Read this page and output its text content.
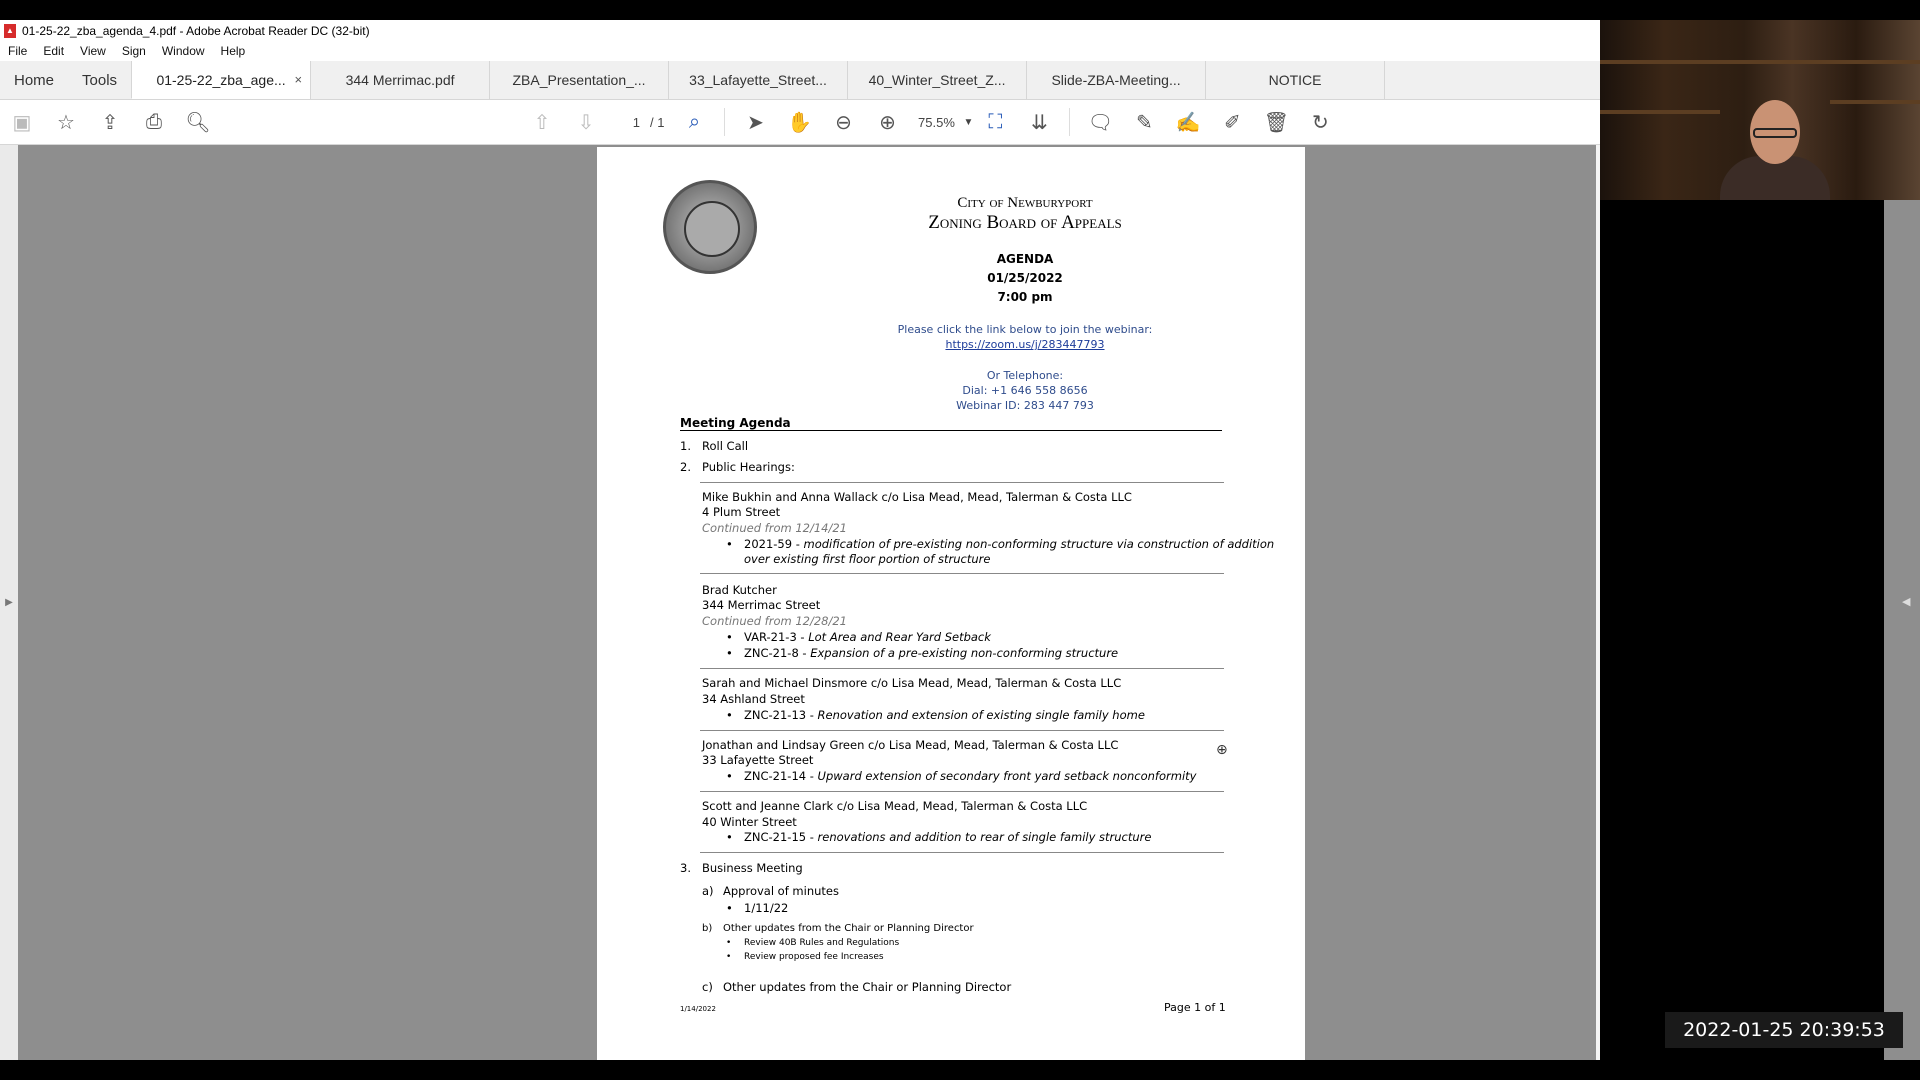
▲ 01-25-22_zba_agenda_4.pdf - Adobe Acrobat Reader DC (32-bit)
File	Edit	View	Sign	Window	Help
Home	Tools	01-25-22_zba_age... ×	344 Merrimac.pdf	ZBA_Presentation_...	33_Lafayette_Street...	40_Winter_Street_Z...	Slide-ZBA-Meeting...	NOTICE
▣ ☆ ⇪	⎙	🔍︎	⇧ ⇩
1	/ 1	⌕	➤ ✋ ⊖ ⊕	75.5% ▼ ⛶	⇊ 🗨︎ ✎ ✍ ✐ 🗑︎ ↻
▶
City of Newburyport
Zoning Board of Appeals
AGENDA
01/25/2022
7:00 pm
Please click the link below to join the webinar:
https://zoom.us/j/283447793
Or Telephone:
Dial: +1 646 558 8656
Webinar ID: 283 447 793
Meeting Agenda
1. Roll Call
2. Public Hearings:
Mike Bukhin and Anna Wallack c/o Lisa Mead, Mead, Talerman & Costa LLC
4 Plum Street
Continued from 12/14/21
• 2021-59 - modification of pre-existing non-conforming structure via construction of addition
over existing first floor portion of structure
Brad Kutcher
344 Merrimac Street
Continued from 12/28/21
• VAR-21-3 - Lot Area and Rear Yard Setback
• ZNC-21-8 - Expansion of a pre-existing non-conforming structure
Sarah and Michael Dinsmore c/o Lisa Mead, Mead, Talerman & Costa LLC
34 Ashland Street
• ZNC-21-13 - Renovation and extension of existing single family home
Jonathan and Lindsay Green c/o Lisa Mead, Mead, Talerman & Costa LLC
33 Lafayette Street
• ZNC-21-14 - Upward extension of secondary front yard setback nonconformity
Scott and Jeanne Clark c/o Lisa Mead, Mead, Talerman & Costa LLC
40 Winter Street
• ZNC-21-15 - renovations and addition to rear of single family structure
3. Business Meeting
a) Approval of minutes
• 1/11/22
b) Other updates from the Chair or Planning Director
• Review 40B Rules and Regulations
• Review proposed fee Increases
c) Other updates from the Chair or Planning Director
1/14/2022	Page 1 of 1
⊕
◀
2022-01-25 20:39:53
